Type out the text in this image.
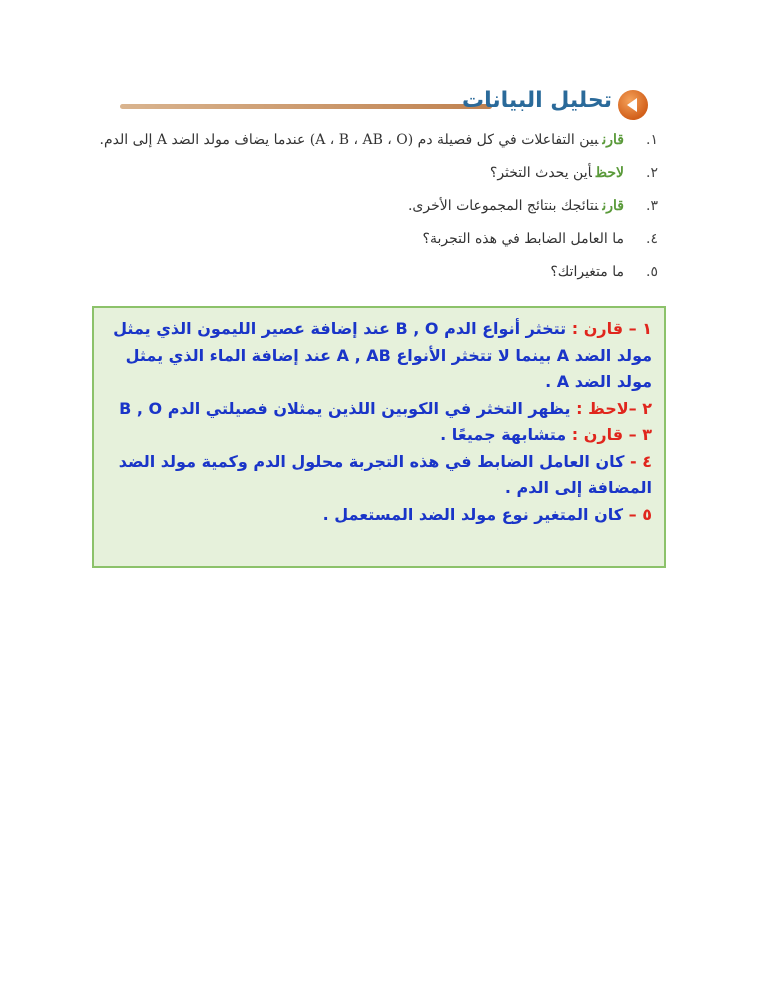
تحليل البيانات
١.قارنبين التفاعلات في كل فصيلة دم (A ، B ، AB ، O) عندما يضاف مولد الضد A إلى الدم.
٢.لاحظأين يحدث التخثر؟
٣.قارننتائجك بنتائج المجموعات الأخرى.
٤.ما العامل الضابط في هذه التجربة؟
٥.ما متغيراتك؟
١ – قارن : تتخثر أنواع الدم B , O عند إضافة عصير الليمون الذي يمثل
مولد الضد A بينما لا تتخثر الأنواع A , AB عند إضافة الماء الذي يمثل
مولد الضد A .
٢ –لاحظ : يظهر التخثر في الكوبين اللذين يمثلان فصيلتي الدم B , O
٣ – قارن : متشابهة جميعًا .
٤ - كان العامل الضابط في هذه التجربة محلول الدم وكمية مولد الضد
المضافة إلى الدم .
٥ – كان المتغير نوع مولد الضد المستعمل .
